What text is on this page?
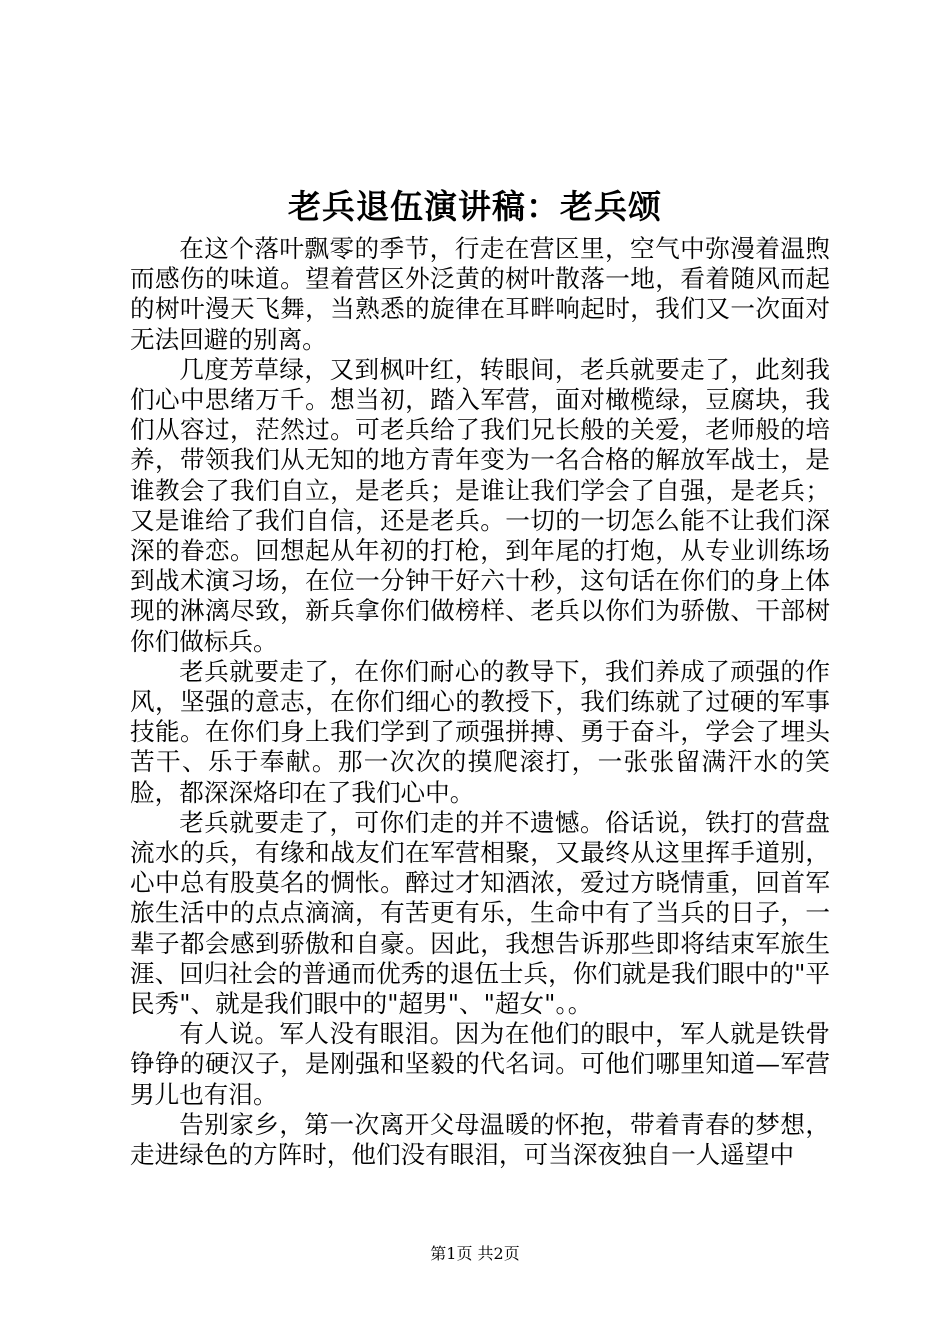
老兵退伍演讲稿：老兵颂

在这个落叶飘零的季节，行走在营区里，空气中弥漫着温煦而感伤的味道。望着营区外泛黄的树叶散落一地，看着随风而起的树叶漫天飞舞，当熟悉的旋律在耳畔响起时，我们又一次面对无法回避的别离。

几度芳草绿，又到枫叶红，转眼间，老兵就要走了，此刻我们心中思绪万千。想当初，踏入军营，面对橄榄绿，豆腐块，我们从容过，茫然过。可老兵给了我们兄长般的关爱，老师般的培养，带领我们从无知的地方青年变为一名合格的解放军战士，是谁教会了我们自立，是老兵；是谁让我们学会了自强，是老兵；又是谁给了我们自信，还是老兵。一切的一切怎么能不让我们深深的眷恋。回想起从年初的打枪，到年尾的打炮，从专业训练场到战术演习场，在位一分钟干好六十秒，这句话在你们的身上体现的淋漓尽致，新兵拿你们做榜样、老兵以你们为骄傲、干部树你们做标兵。

老兵就要走了，在你们耐心的教导下，我们养成了顽强的作风，坚强的意志，在你们细心的教授下，我们练就了过硬的军事技能。在你们身上我们学到了顽强拼搏、勇于奋斗，学会了埋头苦干、乐于奉献。那一次次的摸爬滚打，一张张留满汗水的笑脸，都深深烙印在了我们心中。

老兵就要走了，可你们走的并不遗憾。俗话说，铁打的营盘流水的兵，有缘和战友们在军营相聚，又最终从这里挥手道别，心中总有股莫名的惆怅。醉过才知酒浓，爱过方晓情重，回首军旅生活中的点点滴滴，有苦更有乐，生命中有了当兵的日子，一辈子都会感到骄傲和自豪。因此，我想告诉那些即将结束军旅生涯、回归社会的普通而优秀的退伍士兵，你们就是我们眼中的"平民秀"、就是我们眼中的"超男"、"超女"。。

有人说。军人没有眼泪。因为在他们的眼中，军人就是铁骨铮铮的硬汉子，是刚强和坚毅的代名词。可他们哪里知道—军营男儿也有泪。

告别家乡，第一次离开父母温暖的怀抱，带着青春的梦想，走进绿色的方阵时，他们没有眼泪，可当深夜独自一人遥望中

第1页 共2页
